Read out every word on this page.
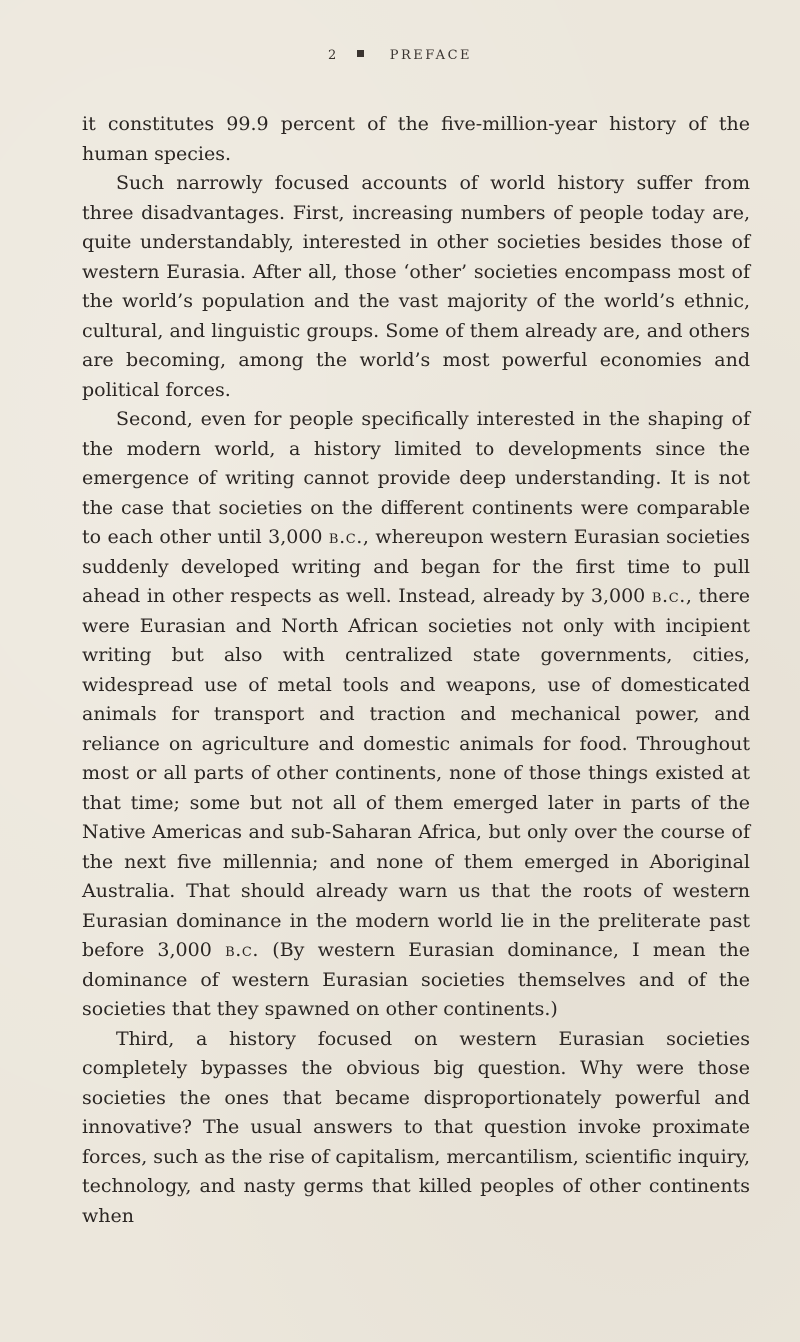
2	PREFACE

it constitutes 99.9 percent of the five-million-year history of the human species.

Such narrowly focused accounts of world history suffer from three disadvantages. First, increasing numbers of people today are, quite understandably, interested in other societies besides those of western Eurasia. After all, those ‘other’ societies encompass most of the world’s population and the vast majority of the world’s ethnic, cultural, and linguistic groups. Some of them already are, and others are becoming, among the world’s most powerful economies and political forces.

Second, even for people specifically interested in the shaping of the modern world, a history limited to developments since the emergence of writing cannot provide deep understanding. It is not the case that societies on the different continents were comparable to each other until 3,000 b.c., whereupon western Eurasian societies suddenly developed writing and began for the first time to pull ahead in other respects as well. Instead, already by 3,000 b.c., there were Eurasian and North African societies not only with incipient writing but also with centralized state governments, cities, widespread use of metal tools and weapons, use of domesticated animals for transport and traction and mechanical power, and reliance on agriculture and domestic animals for food. Throughout most or all parts of other continents, none of those things existed at that time; some but not all of them emerged later in parts of the Native Americas and sub-Saharan Africa, but only over the course of the next five millennia; and none of them emerged in Aboriginal Australia. That should already warn us that the roots of western Eurasian dominance in the modern world lie in the preliterate past before 3,000 b.c. (By western Eurasian dominance, I mean the dominance of western Eurasian societies themselves and of the societies that they spawned on other continents.)

Third, a history focused on western Eurasian societies completely bypasses the obvious big question. Why were those societies the ones that became disproportionately powerful and innovative? The usual answers to that question invoke proximate forces, such as the rise of capitalism, mercantilism, scientific inquiry, technology, and nasty germs that killed peoples of other continents when
